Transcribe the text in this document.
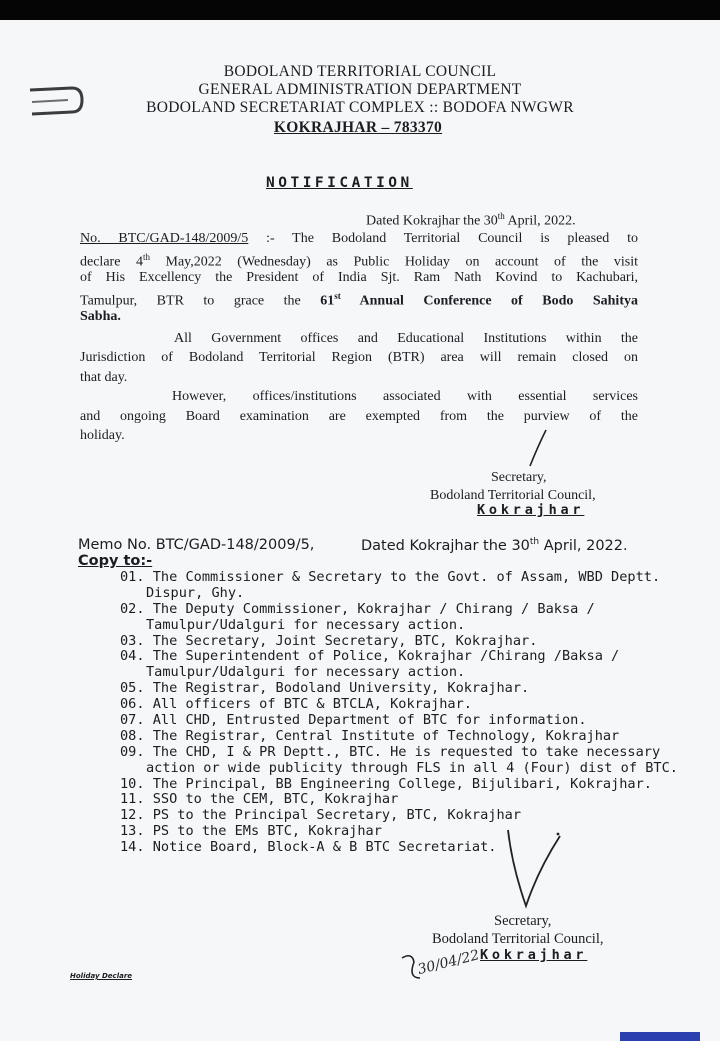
BODOLAND TERRITORIAL COUNCIL
GENERAL ADMINISTRATION DEPARTMENT
BODOLAND SECRETARIAT COMPLEX :: BODOFA NWGWR
KOKRAJHAR – 783370
NOTIFICATION
Dated Kokrajhar the 30th April, 2022.
No. BTC/GAD-148/2009/5 :- The Bodoland Territorial Council is pleased to
declare 4th May,2022 (Wednesday) as Public Holiday on account of the visit
of His Excellency the President of India Sjt. Ram Nath Kovind to Kachubari,
Tamulpur, BTR to grace the 61st Annual Conference of Bodo Sahitya
Sabha.
All Government offices and Educational Institutions within the
Jurisdiction of Bodoland Territorial Region (BTR) area will remain closed on
that day.
However, offices/institutions associated with essential services
and ongoing Board examination are exempted from the purview of the
holiday.
Secretary,
Bodoland Territorial Council,
Kokrajhar
Memo No. BTC/GAD-148/2009/5,	Dated Kokrajhar the 30th April, 2022.
Copy to:-
01. The Commissioner & Secretary to the Govt. of Assam, WBD Deptt.
Dispur, Ghy.
02. The Deputy Commissioner, Kokrajhar / Chirang / Baksa /
Tamulpur/Udalguri for necessary action.
03. The Secretary, Joint Secretary, BTC, Kokrajhar.
04. The Superintendent of Police, Kokrajhar /Chirang /Baksa /
Tamulpur/Udalguri for necessary action.
05. The Registrar, Bodoland University, Kokrajhar.
06. All officers of BTC & BTCLA, Kokrajhar.
07. All CHD, Entrusted Department of BTC for information.
08. The Registrar, Central Institute of Technology, Kokrajhar
09. The CHD, I & PR Deptt., BTC. He is requested to take necessary
action or wide publicity through FLS in all 4 (Four) dist of BTC.
10. The Principal, BB Engineering College, Bijulibari, Kokrajhar.
11. SSO to the CEM, BTC, Kokrajhar
12. PS to the Principal Secretary, BTC, Kokrajhar
13. PS to the EMs BTC, Kokrajhar
14. Notice Board, Block-A & B BTC Secretariat.
Secretary,
Bodoland Territorial Council,
Kokrajhar
30/04/22
Holiday Declare
